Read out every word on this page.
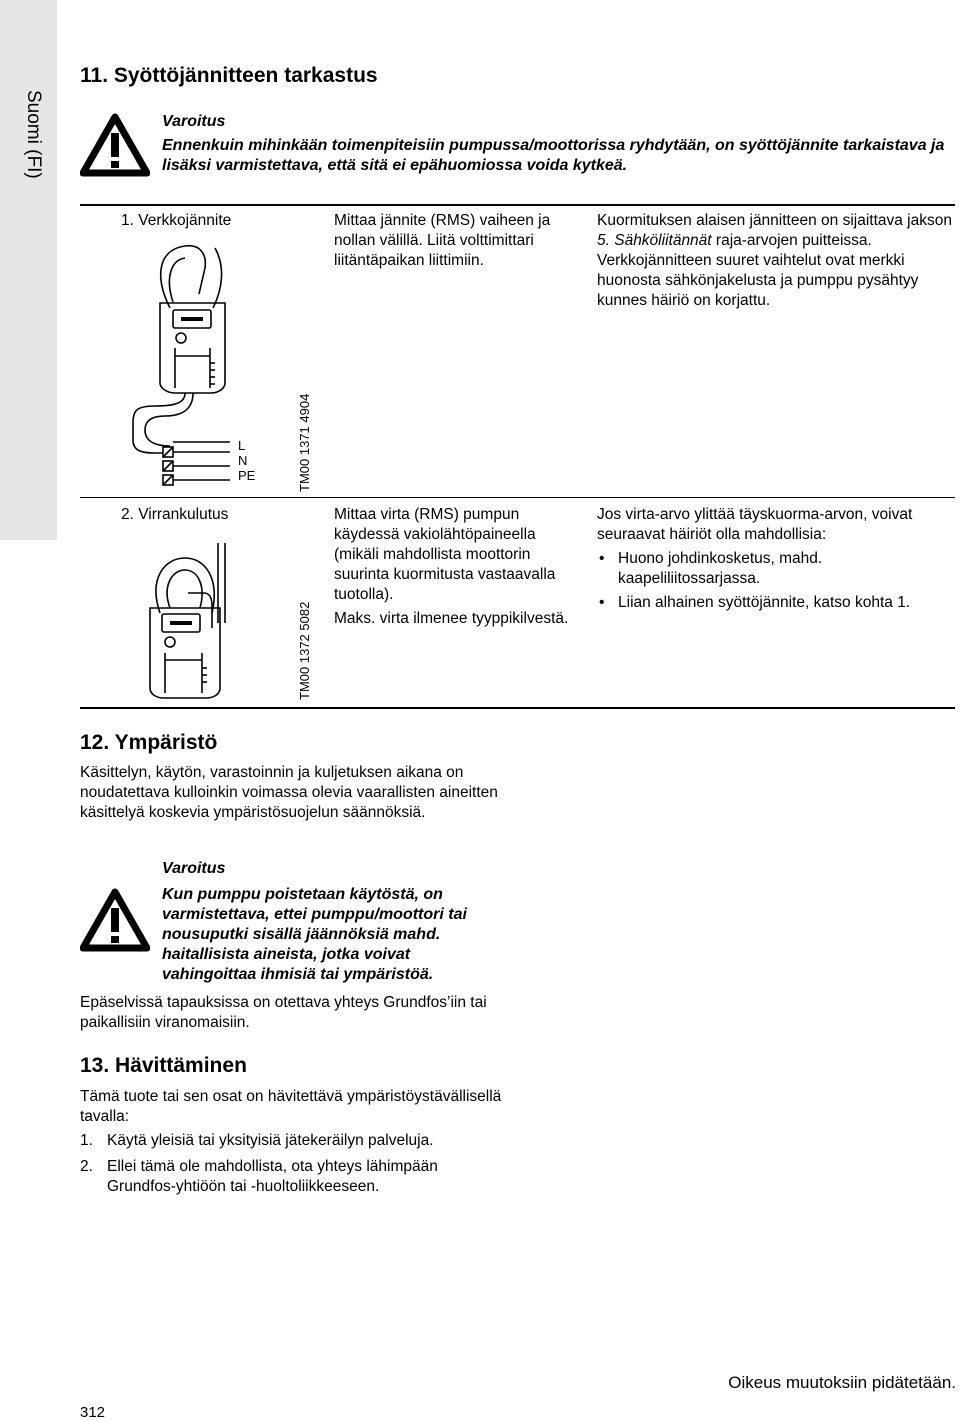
Suomi (FI)
11. Syöttöjännitteen tarkastus
Varoitus
Ennenkuin mihinkään toimenpiteisiin pumpussa/moottorissa ryhdytään, on syöttöjännite tarkaistava ja lisäksi varmistettava, että sitä ei epähuomiossa voida kytkeä.
1. Verkkojännite
L
N
PE	TM00 1371 4904
Mittaa jännite (RMS) vaiheen ja nollan välillä. Liitä volttimittari liitäntäpaikan liittimiin.
Kuormituksen alaisen jännitteen on sijaittava jakson 5. Sähköliitännät raja-arvojen puitteissa. Verkkojännitteen suuret vaihtelut ovat merkki huonosta sähkönjakelusta ja pumppu pysähtyy kunnes häiriö on korjattu.
2. Virrankulutus
TM00 1372 5082
Mittaa virta (RMS) pumpun käydessä vakiolähtöpaineella (mikäli mahdollista moottorin suurinta kuormitusta vastaavalla tuotolla).
Maks. virta ilmenee tyyppikilvestä.
Jos virta-arvo ylittää täyskuorma-arvon, voivat seuraavat häiriöt olla mahdollisia:
• Huono johdinkosketus, mahd. kaapeliliitossarjassa.
• Liian alhainen syöttöjännite, katso kohta 1.
12. Ympäristö
Käsittelyn, käytön, varastoinnin ja kuljetuksen aikana on noudatettava kulloinkin voimassa olevia vaarallisten aineitten käsittelyä koskevia ympäristösuojelun säännöksiä.
Varoitus
Kun pumppu poistetaan käytöstä, on varmistettava, ettei pumppu/moottori tai nousuputki sisällä jäännöksiä mahd. haitallisista aineista, jotka voivat vahingoittaa ihmisiä tai ympäristöä.
Epäselvissä tapauksissa on otettava yhteys Grundfos’iin tai paikallisiin viranomaisiin.
13. Hävittäminen
Tämä tuote tai sen osat on hävitettävä ympäristöystävällisellä tavalla:
1. Käytä yleisiä tai yksityisiä jätekeräilyn palveluja.
2. Ellei tämä ole mahdollista, ota yhteys lähimpään Grundfos-yhtiöön tai -huoltoliikkeeseen.
Oikeus muutoksiin pidätetään.
312
